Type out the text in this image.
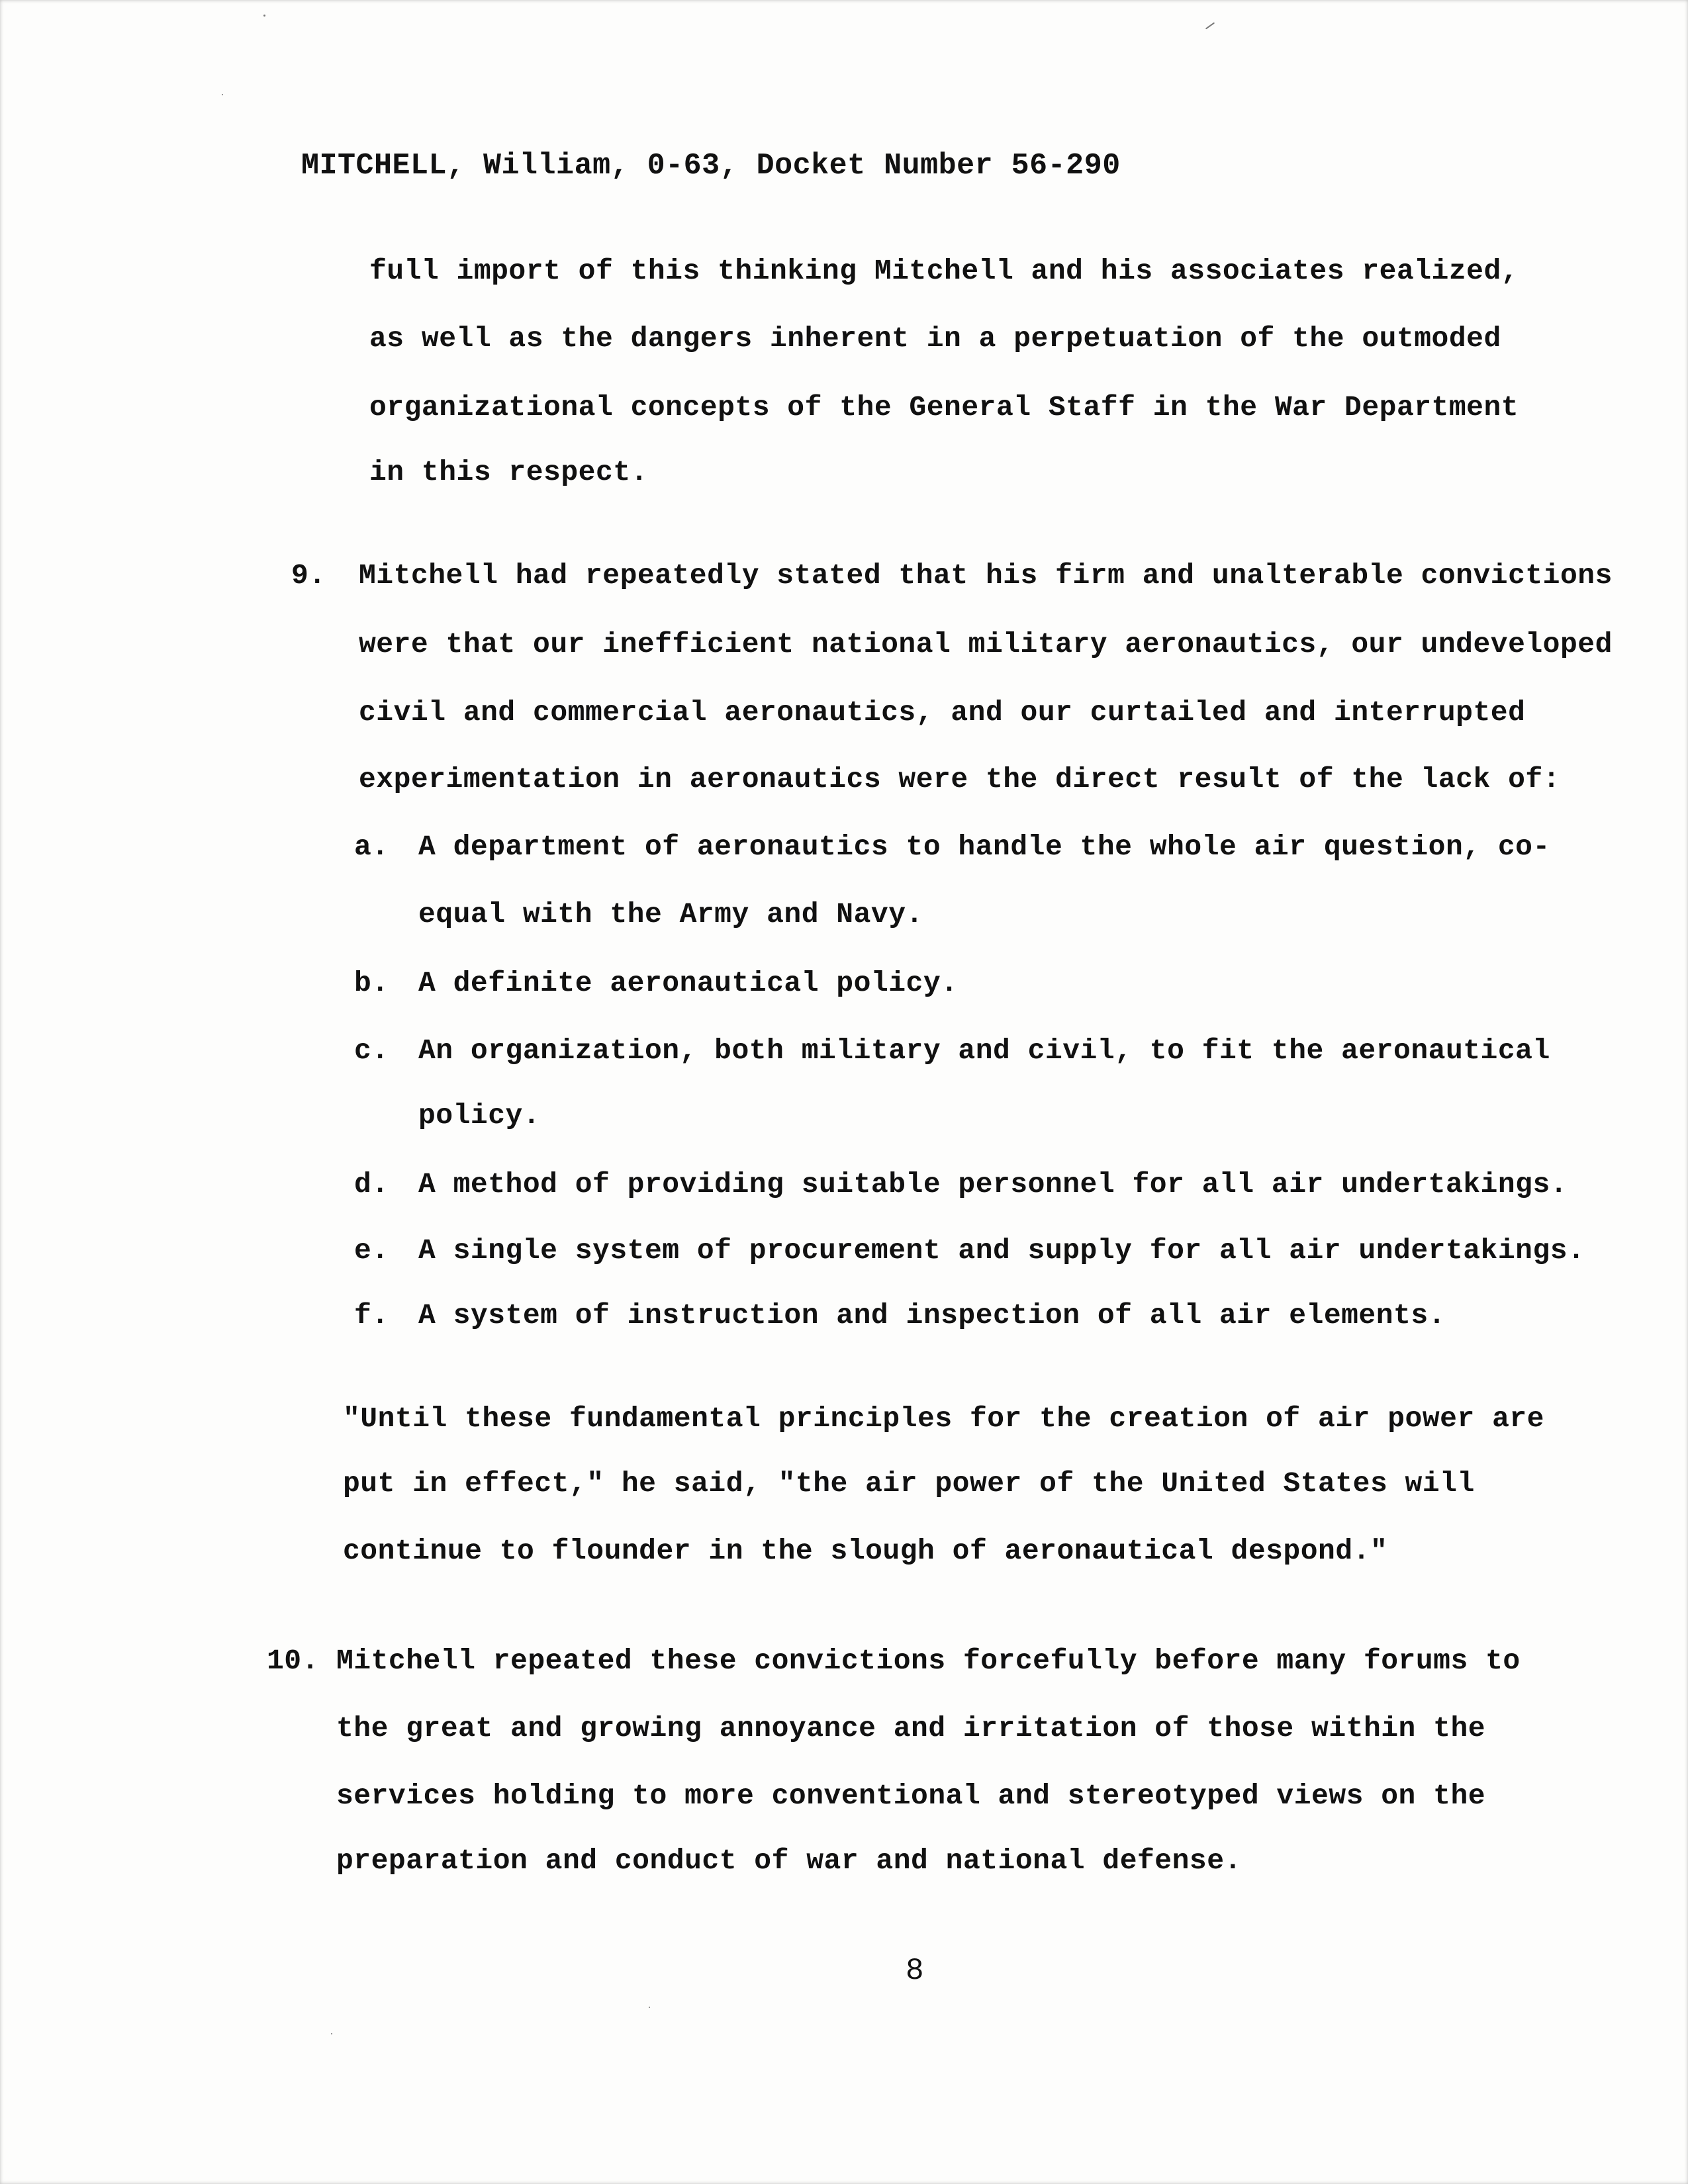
MITCHELL, William, 0-63, Docket Number 56-290
full import of this thinking Mitchell and his associates realized,
as well as the dangers inherent in a perpetuation of the outmoded
organizational concepts of the General Staff in the War Department
in this respect.
9. Mitchell had repeatedly stated that his firm and unalterable convictions
were that our inefficient national military aeronautics, our undeveloped
civil and commercial aeronautics, and our curtailed and interrupted
experimentation in aeronautics were the direct result of the lack of:
a. A department of aeronautics to handle the whole air question, co-
equal with the Army and Navy.
b. A definite aeronautical policy.
c. An organization, both military and civil, to fit the aeronautical
policy.
d. A method of providing suitable personnel for all air undertakings.
e. A single system of procurement and supply for all air undertakings.
f. A system of instruction and inspection of all air elements.
"Until these fundamental principles for the creation of air power are
put in effect," he said, "the air power of the United States will
continue to flounder in the slough of aeronautical despond."
10. Mitchell repeated these convictions forcefully before many forums to
the great and growing annoyance and irritation of those within the
services holding to more conventional and stereotyped views on the
preparation and conduct of war and national defense.
8
